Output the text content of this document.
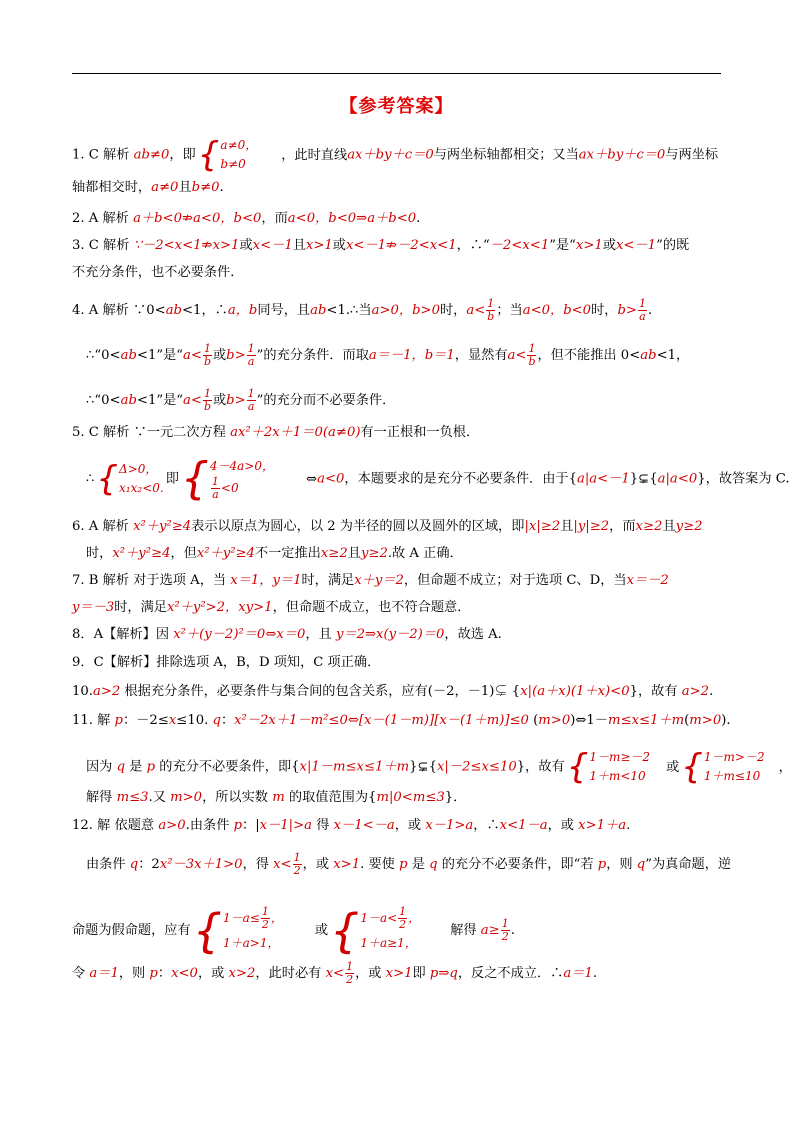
【参考答案】
1. C 解析 ab≠0，即 { a≠0，
b≠0
，此时直线ax＋by＋c＝0与两坐标轴都相交；又当ax＋by＋c＝0与两坐标
轴都相交时，a≠0且b≠0.
2. A 解析 a＋b<0⇏a<0，b<0，而a<0，b<0⇒a＋b<0.
3. C 解析 ∵－2<x<1⇏x>1或x<－1且x>1或x<－1⇏－2<x<1，∴“－2<x<1”是“x>1或x<－1”的既
不充分条件，也不必要条件．
4. A 解析 ∵0<ab<1，∴a，b同号，且ab<1.∴当a>0，b>0时，$a< \frac{1}{b}$ ；当a<0，b<0时，$b> \frac{1}{a}$ .
∴“0<ab<1”是“$a< \frac{1}{b}$ 或$b> \frac{1}{a}$ ”的充分条件．而取a＝－1，b＝1，显然有$a< \frac{1}{b}$ ，但不能推出 0<ab<1，
∴“0<ab<1”是“$a< \frac{1}{b}$ 或$b> \frac{1}{a}$ ”的充分而不必要条件．
5. C 解析 ∵一元二次方程 ax²＋2x＋1＝0(a≠0)有一正根和一负根．
∴ { Δ>0，
x₁x₂<0.
即 { 4－4a>0，
$\frac{1}{a} <0$
⇔a<0，本题要求的是充分不必要条件．由于{a|a<－1}⊊{a|a<0}，故答案为 C.
6. A 解析 x²＋y²≥4表示以原点为圆心，以 2 为半径的圆以及圆外的区域，即|x|≥2且|y|≥2，而x≥2且y≥2
时，x²＋y²≥4，但x²＋y²≥4不一定推出x≥2且y≥2.故 A 正确．
7. B 解析 对于选项 A，当 x＝1，y＝1时，满足x＋y＝2，但命题不成立；对于选项 C、D，当x＝－2
y＝－3时，满足x²＋y²>2，xy>1，但命题不成立，也不符合题意．
8．A【解析】因 x²＋(y－2)²＝0⇔x＝0，且 y＝2⇒x(y－2)＝0，故选 A.
9．C【解析】排除选项 A，B，D 项知，C 项正确．
10.a>2 根据充分条件，必要条件与集合间的包含关系，应有(－2，－1)⊊ {x|(a＋x)(1＋x)<0}，故有 a>2.
11. 解 p：－2≤x≤10. q：x²－2x＋1－m²≤0⇔[x－(1－m)][x－(1＋m)]≤0 (m>0)⇔1－m≤x≤1＋m(m>0).
因为 q 是 p 的充分不必要条件，即{x|1－m≤x≤1＋m}⊊{x|－2≤x≤10}，故有 { 1－m≥－2
1＋m<10
或 { 1－m>－2
1＋m≤10
，
解得 m≤3.又 m>0，所以实数 m 的取值范围为{m|0<m≤3}．
12. 解 依题意 a>0.由条件 p：|x－1|>a 得 x－1<－a，或 x－1>a，∴x<1－a，或 x>1＋a.
由条件 q：2x²－3x＋1>0，得 $x< \frac{1}{2}$ ，或 x>1. 要使 p 是 q 的充分不必要条件，即“若 p，则 q”为真命题，逆
命题为假命题，应有 { $1-a\le \frac{1}{2}$ ，
1＋a>1，
或 { $1-a< \frac{1}{2}$ ，
1＋a≥1，
解得 $a\ge \frac{1}{2}$ .
令 a＝1，则 p：x<0，或 x>2，此时必有 $x< \frac{1}{2}$ ，或 x>1即 p⇒q，反之不成立．∴a＝1.
